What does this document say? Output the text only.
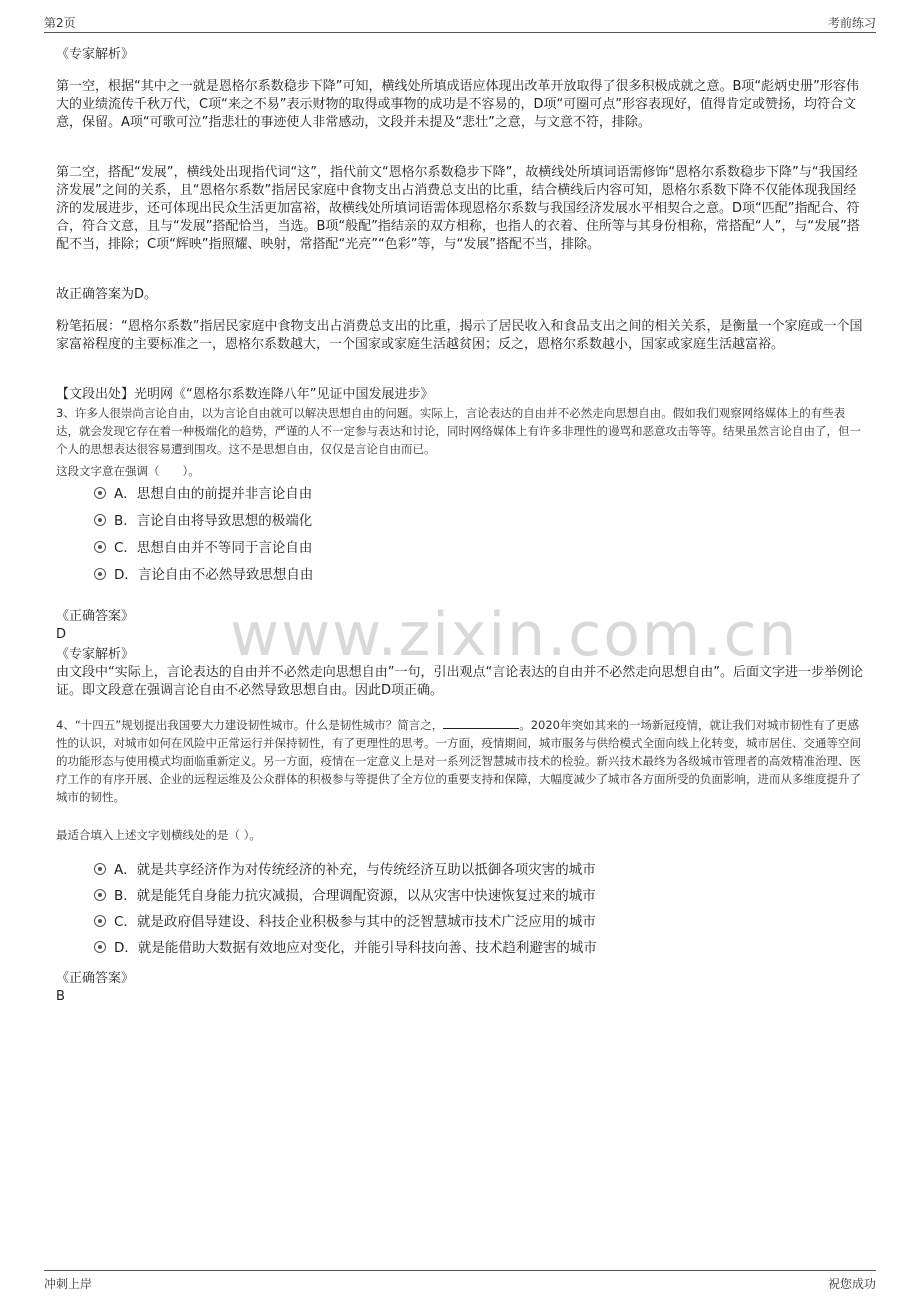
第2页	考前练习
www.zixin.com.cn
《专家解析》
第一空，根据“其中之一就是恩格尔系数稳步下降”可知，横线处所填成语应体现出改革开放取得了很多积极成就之意。B项“彪炳史册”形容伟大的业绩流传千秋万代，C项“来之不易”表示财物的取得或事物的成功是不容易的，D项“可圈可点”形容表现好，值得肯定或赞扬，均符合文意，保留。A项“可歌可泣”指悲壮的事迹使人非常感动，文段并未提及“悲壮”之意，与文意不符，排除。
第二空，搭配“发展”，横线处出现指代词“这”，指代前文“恩格尔系数稳步下降”，故横线处所填词语需修饰“恩格尔系数稳步下降”与“我国经济发展”之间的关系，且“恩格尔系数”指居民家庭中食物支出占消费总支出的比重，结合横线后内容可知，恩格尔系数下降不仅能体现我国经济的发展进步，还可体现出民众生活更加富裕，故横线处所填词语需体现恩格尔系数与我国经济发展水平相契合之意。D项“匹配”指配合、符合，符合文意，且与“发展”搭配恰当，当选。B项“般配”指结亲的双方相称，也指人的衣着、住所等与其身份相称，常搭配“人”，与“发展”搭配不当，排除；C项“辉映”指照耀、映射，常搭配“光亮”“色彩”等，与“发展”搭配不当，排除。
故正确答案为D。
粉笔拓展：“恩格尔系数”指居民家庭中食物支出占消费总支出的比重，揭示了居民收入和食品支出之间的相关关系，是衡量一个家庭或一个国家富裕程度的主要标准之一，恩格尔系数越大，一个国家或家庭生活越贫困；反之，恩格尔系数越小，国家或家庭生活越富裕。
【文段出处】光明网《“恩格尔系数连降八年”见证中国发展进步》
3、许多人很崇尚言论自由，以为言论自由就可以解决思想自由的问题。实际上，言论表达的自由并不必然走向思想自由。假如我们观察网络媒体上的有些表达，就会发现它存在着一种极端化的趋势，严谨的人不一定参与表达和讨论，同时网络媒体上有许多非理性的谩骂和恶意攻击等等。结果虽然言论自由了，但一个人的思想表达很容易遭到围攻。这不是思想自由，仅仅是言论自由而已。
这段文字意在强调（　　）。
A．思想自由的前提并非言论自由
B．言论自由将导致思想的极端化
C．思想自由并不等同于言论自由
D．言论自由不必然导致思想自由
《正确答案》
D
《专家解析》
由文段中“实际上，言论表达的自由并不必然走向思想自由”一句，引出观点“言论表达的自由并不必然走向思想自由”。后面文字进一步举例论证。即文段意在强调言论自由不必然导致思想自由。因此D项正确。
4、“十四五”规划提出我国要大力建设韧性城市。什么是韧性城市？简言之，	。2020年突如其来的一场新冠疫情，就让我们对城市韧性有了更感性的认识，对城市如何在风险中正常运行并保持韧性，有了更理性的思考。一方面，疫情期间，城市服务与供给模式全面向线上化转变，城市居住、交通等空间的功能形态与使用模式均面临重新定义。另一方面，疫情在一定意义上是对一系列泛智慧城市技术的检验。新兴技术最终为各级城市管理者的高效精准治理、医疗工作的有序开展、企业的远程运维及公众群体的积极参与等提供了全方位的重要支持和保障，大幅度减少了城市各方面所受的负面影响，进而从多维度提升了城市的韧性。
最适合填入上述文字划横线处的是（ ）。
A．就是共享经济作为对传统经济的补充，与传统经济互助以抵御各项灾害的城市
B．就是能凭自身能力抗灾减损，合理调配资源，以从灾害中快速恢复过来的城市
C．就是政府倡导建设、科技企业积极参与其中的泛智慧城市技术广泛应用的城市
D．就是能借助大数据有效地应对变化，并能引导科技向善、技术趋利避害的城市
《正确答案》
B
冲刺上岸	祝您成功
